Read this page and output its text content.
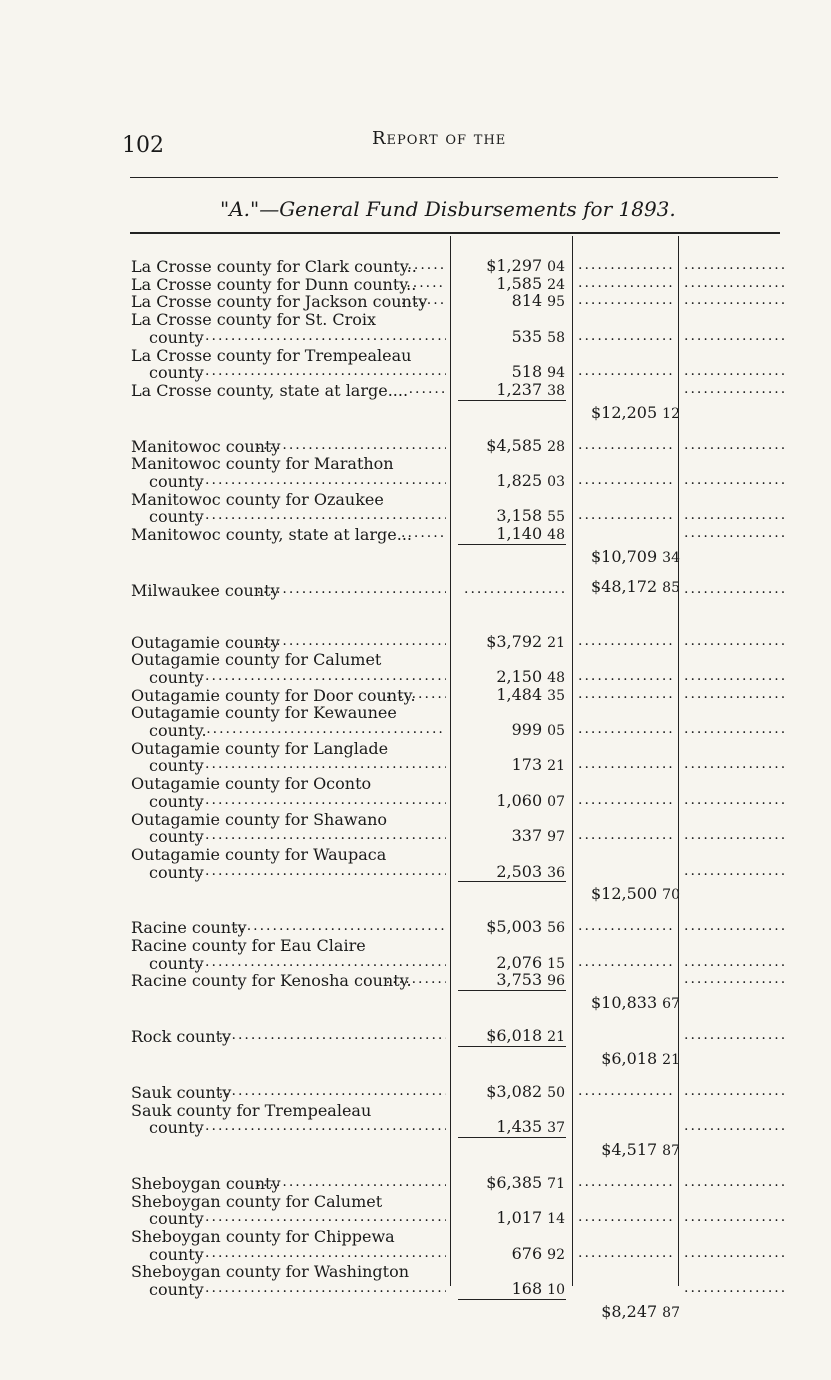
102	Report of the
"A."—General Fund Disbursements for 1893.
La Crosse county for Clark county.. .....	$1,297 04
.....
.....
La Crosse county for Dunn county.. .....	1,585 24
.....
.....
La Crosse county for Jackson county .....	814 95
.....
.....
La Crosse county for St. Croix
county .....	535 58
.....
.....
La Crosse county for Trempealeau
county .....	518 94
.....
.....
La Crosse county, state at large.... .....	1,237 38
.....
$12,205 12
Manitowoc county .....	$4,585 28
.....
.....
Manitowoc county for Marathon
county .....	1,825 03
.....
.....
Manitowoc county for Ozaukee
county .....	3,158 55
.....
.....
Manitowoc county, state at large... .....	1,140 48
.....
$10,709 34
Milwaukee county ..... ..... .....	$48,172 85
Outagamie county .....	$3,792 21
.....
.....
Outagamie county for Calumet
county .....	2,150 48
.....
.....
Outagamie county for Door county. .....	1,484 35
.....
.....
Outagamie county for Kewaunee
county. .....	999 05
.....
.....
Outagamie county for Langlade
county .....	173 21
.....
.....
Outagamie county for Oconto
county .....	1,060 07
.....
.....
Outagamie county for Shawano
county .....	337 97
.....
.....
Outagamie county for Waupaca
county .....	2,503 36
.....
$12,500 70
Racine county .....	$5,003 56
.....
.....
Racine county for Eau Claire
county .....	2,076 15
.....
.....
Racine county for Kenosha county. .....	3,753 96
.....
$10,833 67
Rock county .....	$6,018 21
.....
$6,018 21
Sauk county .....	$3,082 50
.....
.....
Sauk county for Trempealeau
county .....	1,435 37
.....
$4,517 87
Sheboygan county .....	$6,385 71
.....
.....
Sheboygan county for Calumet
county .....	1,017 14
.....
.....
Sheboygan county for Chippewa
county .....	676 92
.....
.....
Sheboygan county for Washington
county .....	168 10
.....
$8,247 87
